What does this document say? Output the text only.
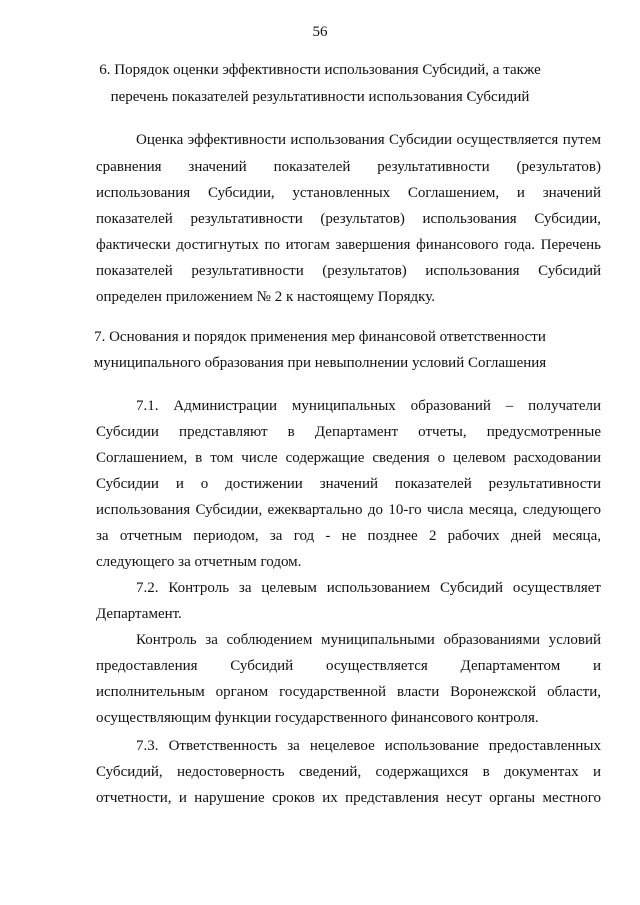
56
6. Порядок оценки эффективности использования Субсидий, а также
перечень показателей результативности использования Субсидий
Оценка эффективности использования Субсидии осуществляется путем
сравнения значений показателей результативности (результатов)
использования Субсидии, установленных Соглашением, и значений
показателей результативности (результатов) использования Субсидии,
фактически достигнутых по итогам завершения финансового года. Перечень
показателей результативности (результатов) использования Субсидий
определен приложением № 2 к настоящему Порядку.
7. Основания и порядок применения мер финансовой ответственности
муниципального образования при невыполнении условий Соглашения
7.1. Администрации муниципальных образований – получатели
Субсидии представляют в Департамент отчеты, предусмотренные
Соглашением, в том числе содержащие сведения о целевом расходовании
Субсидии и о достижении значений показателей результативности
использования Субсидии, ежеквартально до 10-го числа месяца, следующего
за отчетным периодом, за год - не позднее 2 рабочих дней месяца,
следующего за отчетным годом.
7.2. Контроль за целевым использованием Субсидий осуществляет
Департамент.
Контроль за соблюдением муниципальными образованиями условий
предоставления Субсидий осуществляется Департаментом и
исполнительным органом государственной власти Воронежской области,
осуществляющим функции государственного финансового контроля.
7.3. Ответственность за нецелевое использование предоставленных
Субсидий, недостоверность сведений, содержащихся в документах и
отчетности, и нарушение сроков их представления несут органы местного
